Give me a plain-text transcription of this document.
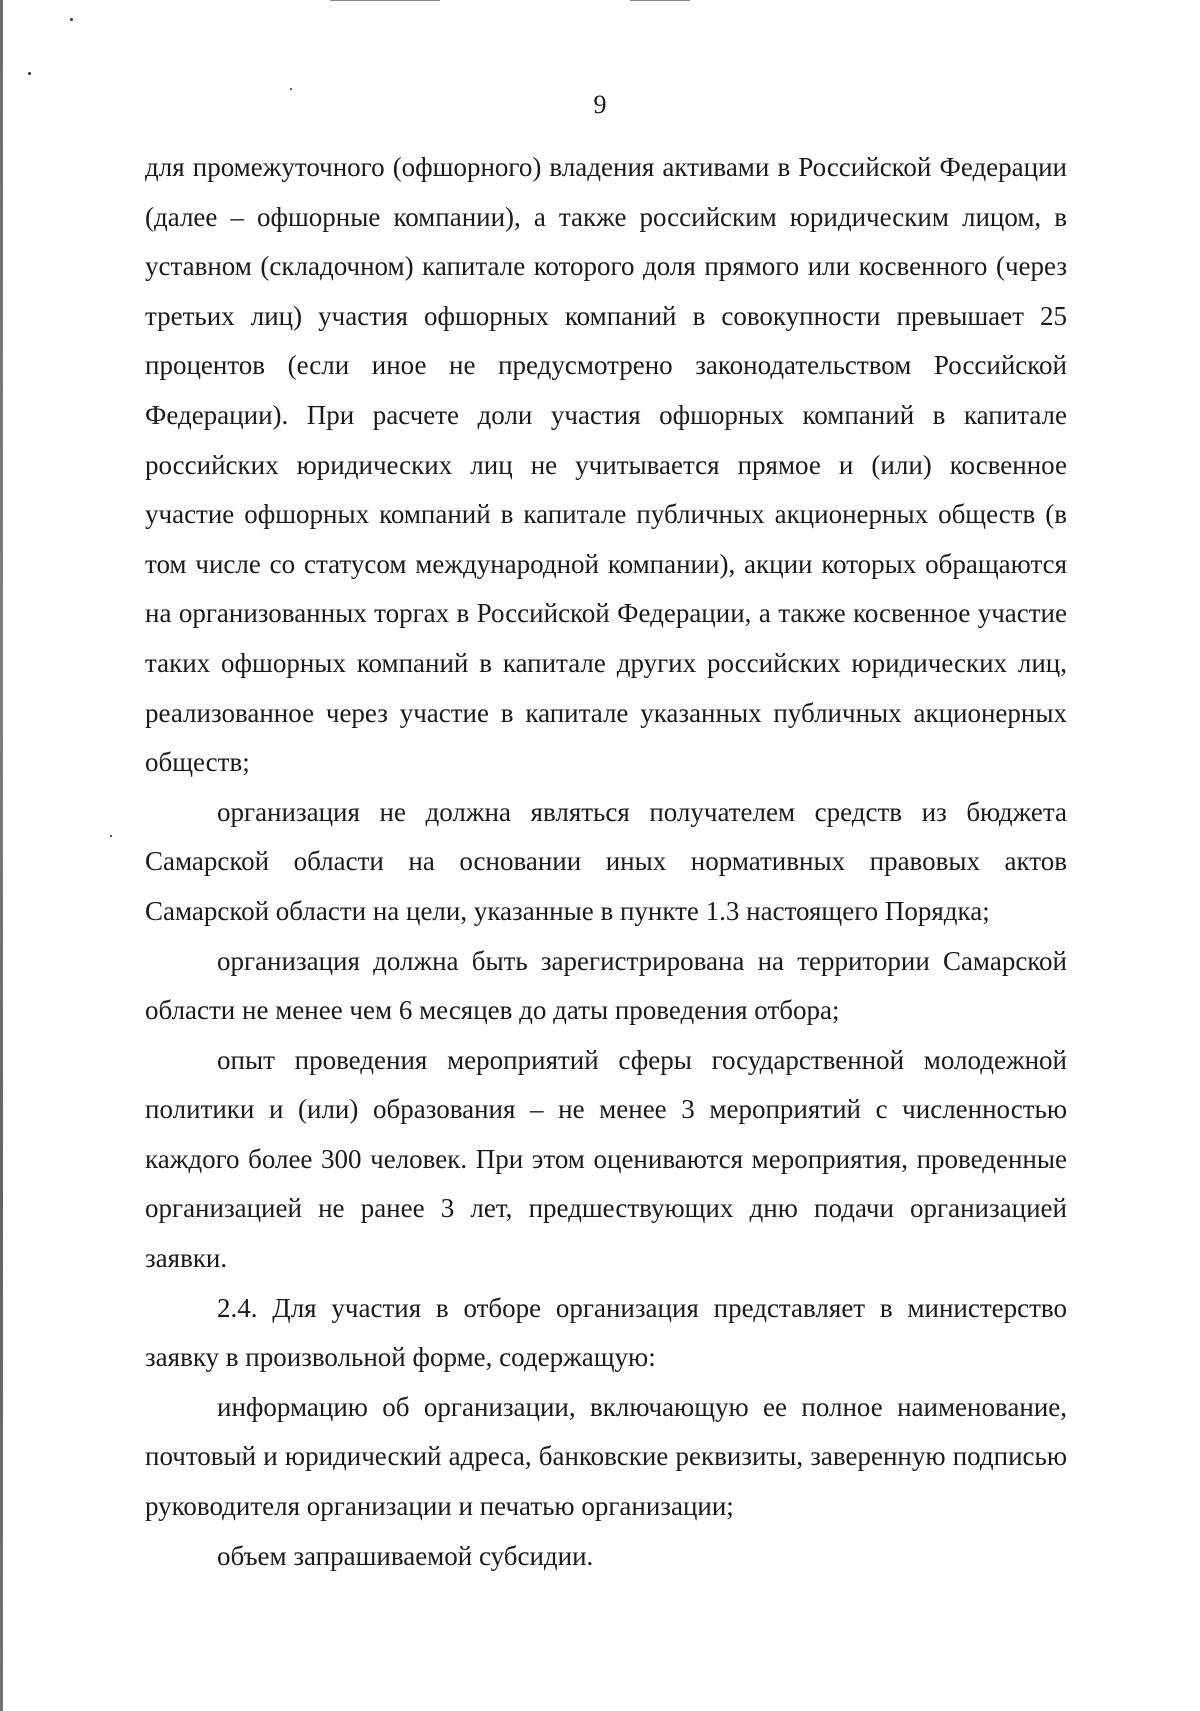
9

для промежуточного (офшорного) владения активами в Российской Федерации (далее – офшорные компании), а также российским юридическим лицом, в уставном (складочном) капитале которого доля прямого или косвенного (через третьих лиц) участия офшорных компаний в совокупности превышает 25 процентов (если иное не предусмотрено законодательством Российской Федерации). При расчете доли участия офшорных компаний в капитале российских юридических лиц не учитывается прямое и (или) косвенное участие офшорных компаний в капитале публичных акционерных обществ (в том числе со статусом международной компании), акции которых обращаются на организованных торгах в Российской Федерации, а также косвенное участие таких офшорных компаний в капитале других российских юридических лиц, реализованное через участие в капитале указанных публичных акционерных обществ;

организация не должна являться получателем средств из бюджета Самарской области на основании иных нормативных правовых актов Самарской области на цели, указанные в пункте 1.3 настоящего Порядка;

организация должна быть зарегистрирована на территории Самарской области не менее чем 6 месяцев до даты проведения отбора;

опыт проведения мероприятий сферы государственной молодежной политики и (или) образования – не менее 3 мероприятий с численностью каждого более 300 человек. При этом оцениваются мероприятия, проведенные организацией не ранее 3 лет, предшествующих дню подачи организацией заявки.

2.4. Для участия в отборе организация представляет в министерство заявку в произвольной форме, содержащую:

информацию об организации, включающую ее полное наименование, почтовый и юридический адреса, банковские реквизиты, заверенную подписью руководителя организации и печатью организации;

объем запрашиваемой субсидии.
